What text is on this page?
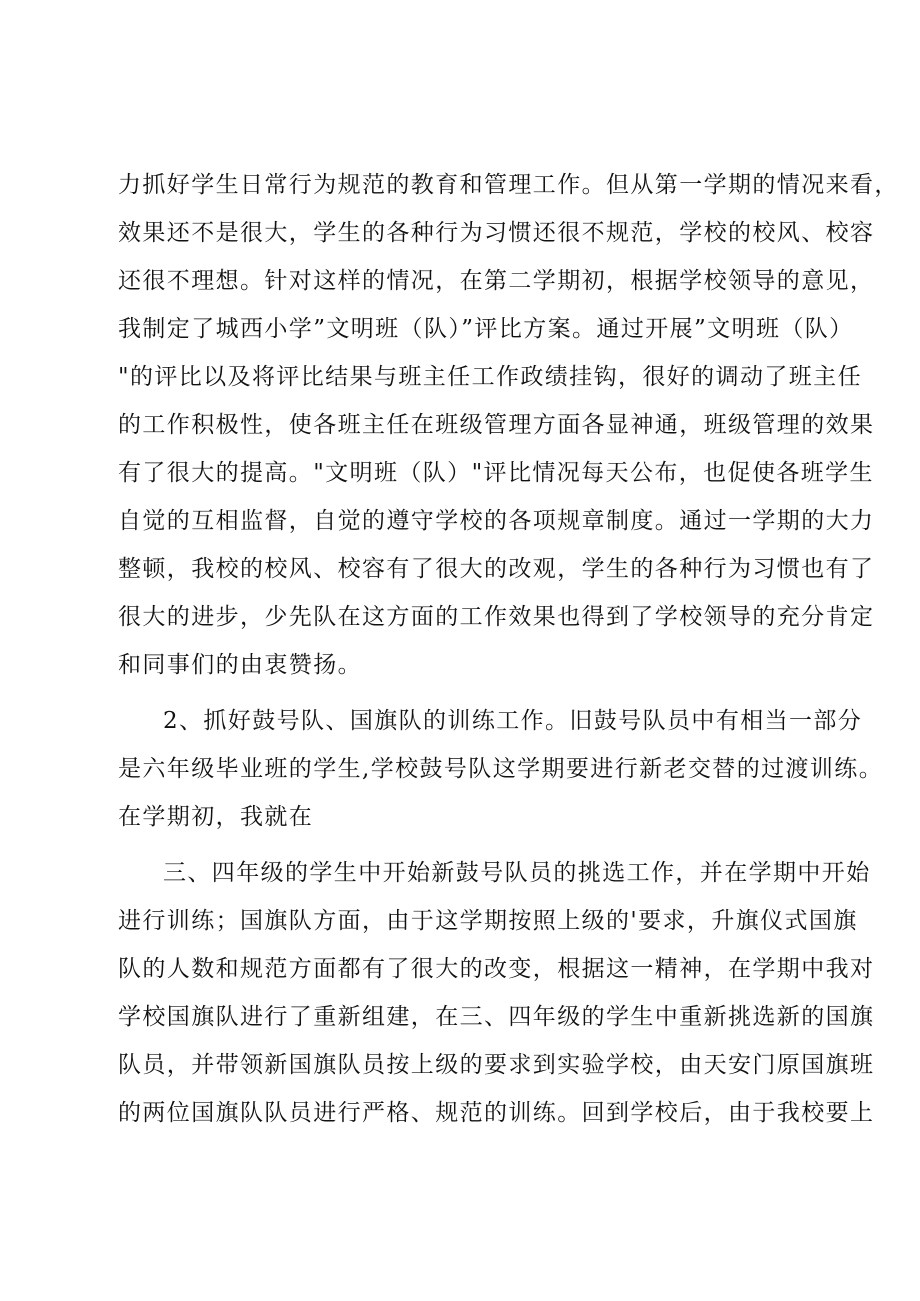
力抓好学生日常行为规范的教育和管理工作。但从第一学期的情况来看，
效果还不是很大，学生的各种行为习惯还很不规范，学校的校风、校容
还很不理想。针对这样的情况，在第二学期初，根据学校领导的意见，
我制定了城西小学”文明班（队）”评比方案。通过开展”文明班（队）
"的评比以及将评比结果与班主任工作政绩挂钩，很好的调动了班主任
的工作积极性，使各班主任在班级管理方面各显神通，班级管理的效果
有了很大的提高。"文明班（队）"评比情况每天公布，也促使各班学生
自觉的互相监督，自觉的遵守学校的各项规章制度。通过一学期的大力
整顿，我校的校风、校容有了很大的改观，学生的各种行为习惯也有了
很大的进步，少先队在这方面的工作效果也得到了学校领导的充分肯定
和同事们的由衷赞扬。
2、抓好鼓号队、国旗队的训练工作。旧鼓号队员中有相当一部分
是六年级毕业班的学生,学校鼓号队这学期要进行新老交替的过渡训练。
在学期初，我就在
三、四年级的学生中开始新鼓号队员的挑选工作，并在学期中开始
进行训练；国旗队方面，由于这学期按照上级的'要求，升旗仪式国旗
队的人数和规范方面都有了很大的改变，根据这一精神，在学期中我对
学校国旗队进行了重新组建，在三、四年级的学生中重新挑选新的国旗
队员，并带领新国旗队员按上级的要求到实验学校，由天安门原国旗班
的两位国旗队队员进行严格、规范的训练。回到学校后，由于我校要上
